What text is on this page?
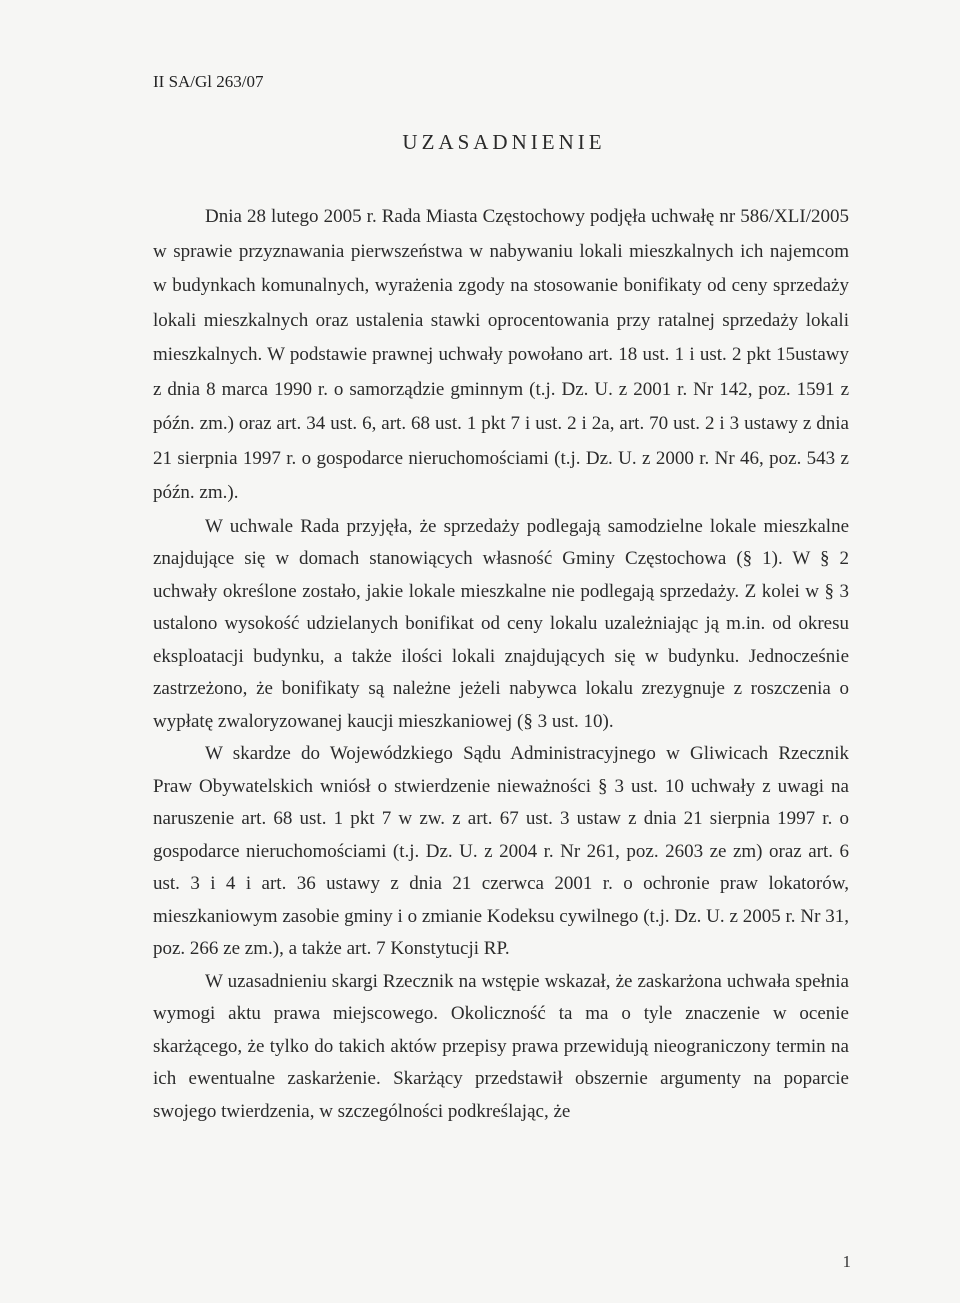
II SA/Gl 263/07
UZASADNIENIE

Dnia 28 lutego 2005 r. Rada Miasta Częstochowy podjęła uchwałę nr 586/XLI/2005 w sprawie przyznawania pierwszeństwa w nabywaniu lokali mieszkalnych ich najemcom w budynkach komunalnych, wyrażenia zgody na stosowanie bonifikaty od ceny sprzedaży lokali mieszkalnych oraz ustalenia stawki oprocentowania przy ratalnej sprzedaży lokali mieszkalnych. W podstawie prawnej uchwały powołano art. 18 ust. 1 i ust. 2 pkt 15ustawy z dnia 8 marca 1990 r. o samorządzie gminnym (t.j. Dz. U. z 2001 r. Nr 142, poz. 1591 z późn. zm.) oraz art. 34 ust. 6, art. 68 ust. 1 pkt 7 i ust. 2 i 2a, art. 70 ust. 2 i 3 ustawy z dnia 21 sierpnia 1997 r. o gospodarce nieruchomościami (t.j. Dz. U. z 2000 r. Nr 46, poz. 543 z późn. zm.).

W uchwale Rada przyjęła, że sprzedaży podlegają samodzielne lokale mieszkalne znajdujące się w domach stanowiących własność Gminy Częstochowa (§ 1). W § 2 uchwały określone zostało, jakie lokale mieszkalne nie podlegają sprzedaży. Z kolei w § 3 ustalono wysokość udzielanych bonifikat od ceny lokalu uzależniając ją m.in. od okresu eksploatacji budynku, a także ilości lokali znajdujących się w budynku. Jednocześnie zastrzeżono, że bonifikaty są należne jeżeli nabywca lokalu zrezygnuje z roszczenia o wypłatę zwaloryzowanej kaucji mieszkaniowej (§ 3 ust. 10).

W skardze do Wojewódzkiego Sądu Administracyjnego w Gliwicach Rzecznik Praw Obywatelskich wniósł o stwierdzenie nieważności § 3 ust. 10 uchwały z uwagi na naruszenie art. 68 ust. 1 pkt 7 w zw. z art. 67 ust. 3 ustaw z dnia 21 sierpnia 1997 r. o gospodarce nieruchomościami (t.j. Dz. U. z 2004 r. Nr 261, poz. 2603 ze zm) oraz art. 6 ust. 3 i 4 i art. 36 ustawy z dnia 21 czerwca 2001 r. o ochronie praw lokatorów, mieszkaniowym zasobie gminy i o zmianie Kodeksu cywilnego (t.j. Dz. U. z 2005 r. Nr 31, poz. 266 ze zm.), a także art. 7 Konstytucji RP.

W uzasadnieniu skargi Rzecznik na wstępie wskazał, że zaskarżona uchwała spełnia wymogi aktu prawa miejscowego. Okoliczność ta ma o tyle znaczenie w ocenie skarżącego, że tylko do takich aktów przepisy prawa przewidują nieograniczony termin na ich ewentualne zaskarżenie. Skarżący przedstawił obszernie argumenty na poparcie swojego twierdzenia, w szczególności podkreślając, że

1
